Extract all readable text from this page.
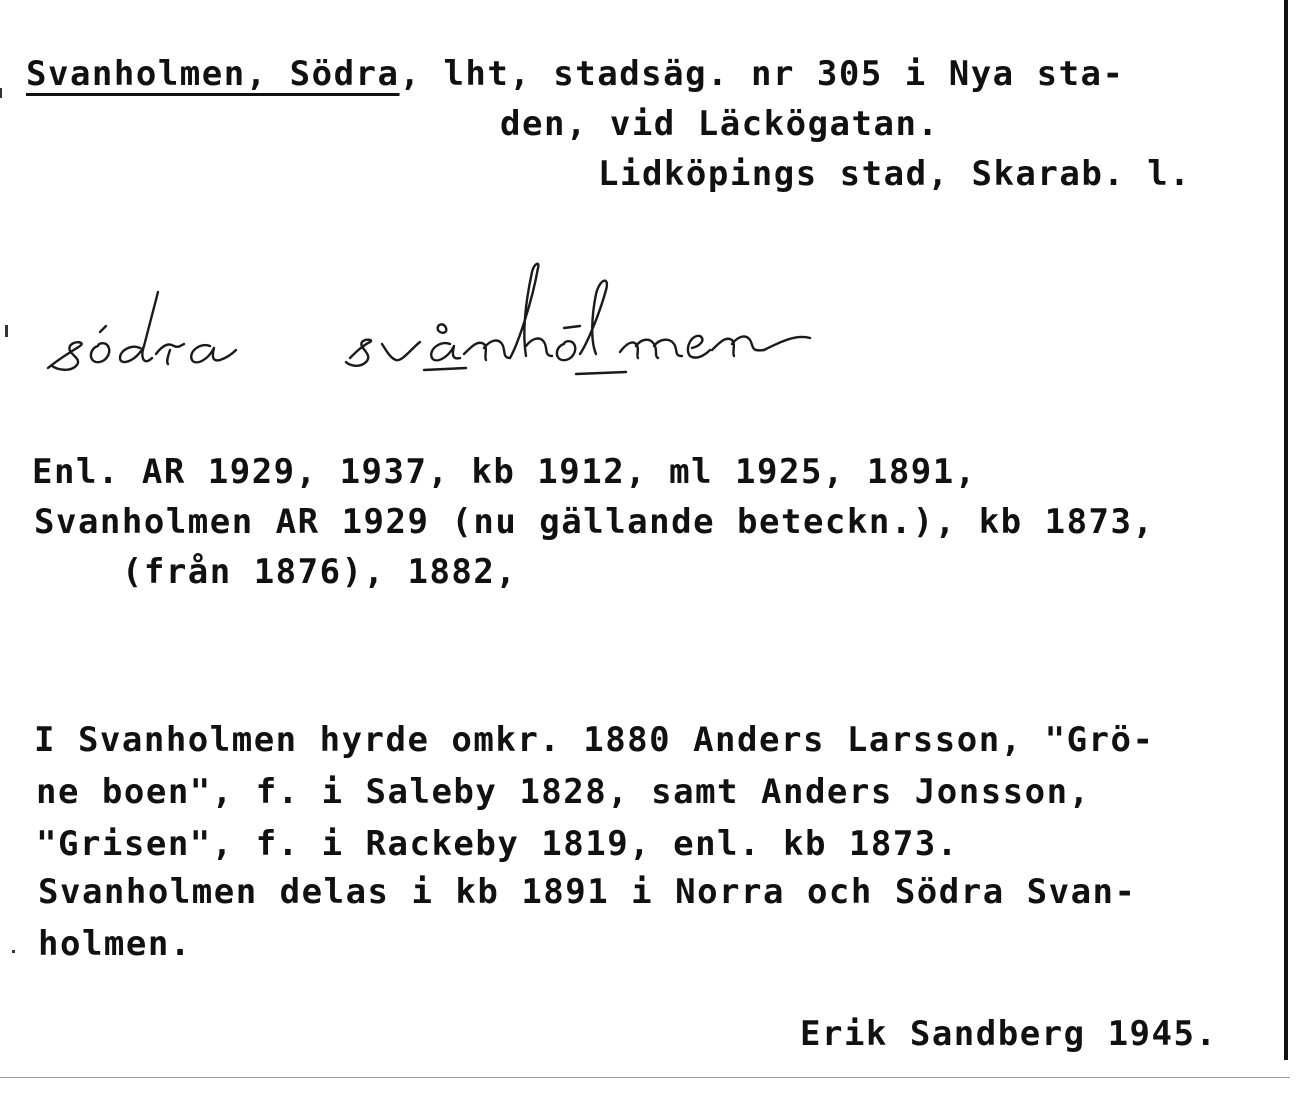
Svanholmen, Södra, lht, stadsäg. nr 305 i Nya sta-

den, vid Läckögatan.

Lidköpings stad, Skarab. l.

Enl. AR 1929, 1937, kb 1912, ml 1925, 1891,

Svanholmen AR 1929 (nu gällande beteckn.), kb 1873,

(från 1876), 1882,

I Svanholmen hyrde omkr. 1880 Anders Larsson, "Grö-

ne boen", f. i Saleby 1828, samt Anders Jonsson,

"Grisen", f. i Rackeby 1819, enl. kb 1873.

Svanholmen delas i kb 1891 i Norra och Södra Svan-

holmen.

Erik Sandberg 1945.
